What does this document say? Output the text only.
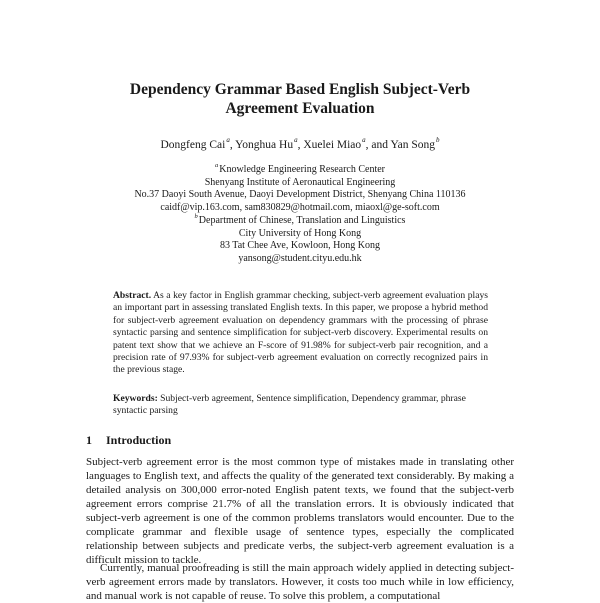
Dependency Grammar Based English Subject-Verb
Agreement Evaluation
Dongfeng Cai$^a$, Yonghua Hu$^a$, Xuelei Miao$^a$, and Yan Song$^b$
$^a$Knowledge Engineering Research Center
Shenyang Institute of Aeronautical Engineering
No.37 Daoyi South Avenue, Daoyi Development District, Shenyang China 110136
caidf@vip.163.com, sam830829@hotmail.com, miaoxl@ge-soft.com
$^b$Department of Chinese, Translation and Linguistics
City University of Hong Kong
83 Tat Chee Ave, Kowloon, Hong Kong
yansong@student.cityu.edu.hk
Abstract. As a key factor in English grammar checking, subject-verb agreement evaluation plays an important part in assessing translated English texts. In this paper, we propose a hybrid method for subject-verb agreement evaluation on dependency grammars with the processing of phrase syntactic parsing and sentence simplification for subject-verb discovery. Experimental results on patent text show that we achieve an F-score of 91.98% for subject-verb pair recognition, and a precision rate of 97.93% for subject-verb agreement evaluation on correctly recognized pairs in the previous stage.
Keywords: Subject-verb agreement, Sentence simplification, Dependency grammar, phrase syntactic parsing
1 Introduction

Subject-verb agreement error is the most common type of mistakes made in translating other languages to English text, and affects the quality of the generated text considerably. By making a detailed analysis on 300,000 error-noted English patent texts, we found that the subject-verb agreement errors comprise 21.7% of all the translation errors. It is obviously indicated that subject-verb agreement is one of the common problems translators would encounter. Due to the complicate grammar and flexible usage of sentence types, especially the complicated relationship between subjects and predicate verbs, the subject-verb agreement evaluation is a difficult mission to tackle.

Currently, manual proofreading is still the main approach widely applied in detecting subject-verb agreement errors made by translators. However, it costs too much while in low efficiency, and manual work is not capable of reuse. To solve this problem, a computational
